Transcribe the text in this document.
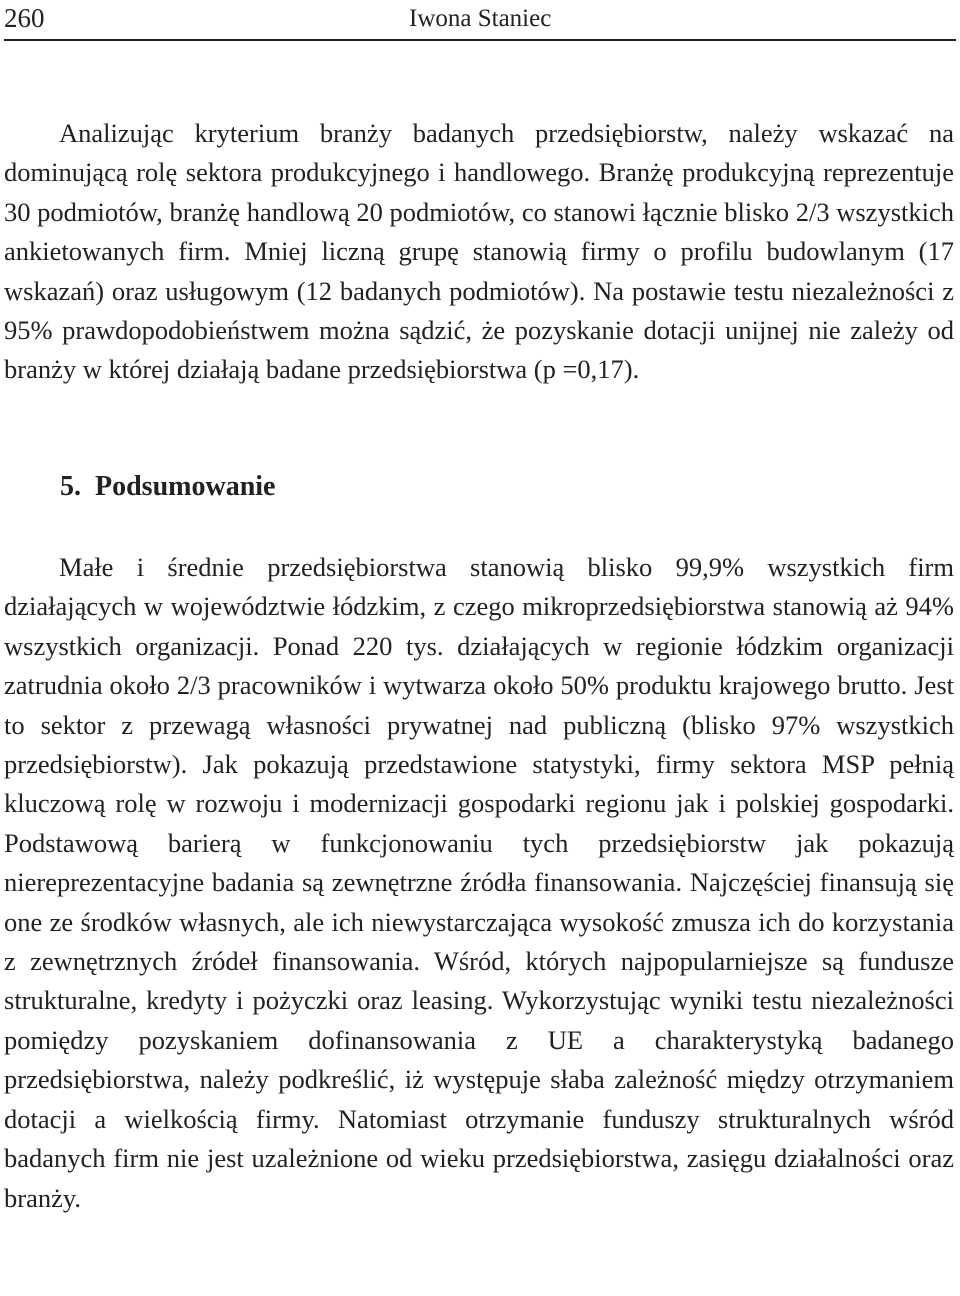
260	Iwona Staniec

Analizując kryterium branży badanych przedsiębiorstw, należy wskazać na dominującą rolę sektora produkcyjnego i handlowego. Branżę produkcyjną reprezentuje 30 podmiotów, branżę handlową 20 podmiotów, co stanowi łącznie blisko 2/3 wszystkich ankietowanych firm. Mniej liczną grupę stanowią firmy o profilu budowlanym (17 wskazań) oraz usługowym (12 badanych podmiotów). Na postawie testu niezależności z 95% prawdopodobieństwem można sądzić, że pozyskanie dotacji unijnej nie zależy od branży w której działają badane przedsiębiorstwa (p =0,17).

5. Podsumowanie

Małe i średnie przedsiębiorstwa stanowią blisko 99,9% wszystkich firm działających w województwie łódzkim, z czego mikroprzedsiębiorstwa stanowią aż 94% wszystkich organizacji. Ponad 220 tys. działających w regionie łódzkim organizacji zatrudnia około 2/3 pracowników i wytwarza około 50% produktu krajowego brutto. Jest to sektor z przewagą własności prywatnej nad publiczną (blisko 97% wszystkich przedsiębiorstw). Jak pokazują przedstawione statystyki, firmy sektora MSP pełnią kluczową rolę w rozwoju i modernizacji gospodarki regionu jak i polskiej gospodarki. Podstawową barierą w funkcjonowaniu tych przedsiębiorstw jak pokazują niereprezentacyjne badania są zewnętrzne źródła finansowania. Najczęściej finansują się one ze środków własnych, ale ich niewystarczająca wysokość zmusza ich do korzystania z zewnętrznych źródeł finansowania. Wśród, których najpopularniejsze są fundusze strukturalne, kredyty i pożyczki oraz leasing. Wykorzystując wyniki testu niezależności pomiędzy pozyskaniem dofinansowania z UE a charakterystyką badanego przedsiębiorstwa, należy podkreślić, iż występuje słaba zależność między otrzymaniem dotacji a wielkością firmy. Natomiast otrzymanie funduszy strukturalnych wśród badanych firm nie jest uzależnione od wieku przedsiębiorstwa, zasięgu działalności oraz branży.
